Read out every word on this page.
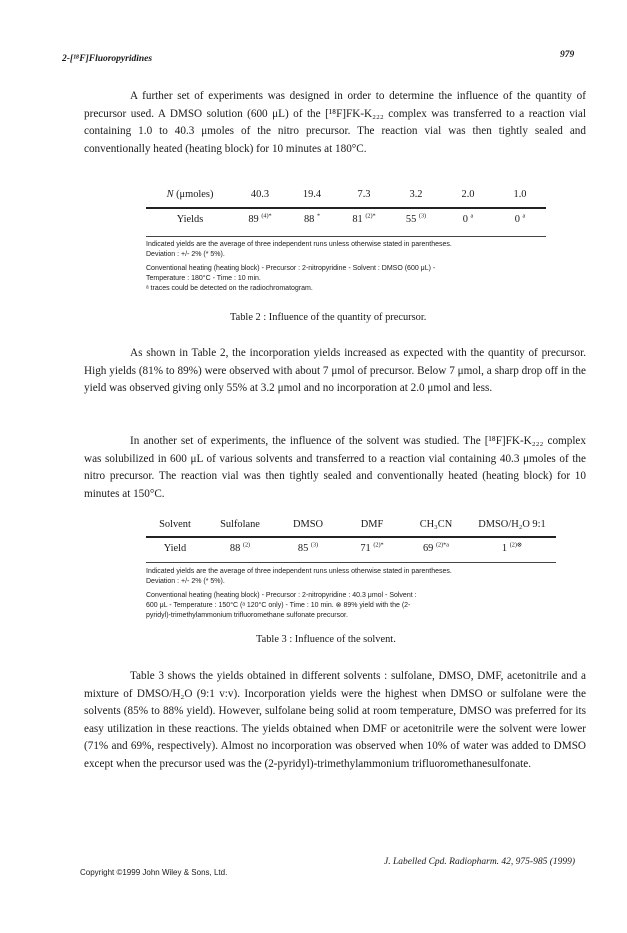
2-[¹⁸F]Fluoropyridines	979

A further set of experiments was designed in order to determine the influence of the quantity of precursor used. A DMSO solution (600 μL) of the [¹⁸F]FK-K₂₂₂ complex was transferred to a reaction vial containing 1.0 to 40.3 μmoles of the nitro precursor. The reaction vial was then tightly sealed and conventionally heated (heating block) for 10 minutes at 180°C.

N (μmoles)	40.3	19.4	7.3	3.2	2.0	1.0
Yields	89 $^{(4)*}$	88 *	81 $^{(2)*}$	55 $^{(3)}$	0 $^a$	0 $^a$

Indicated yields are the average of three independent runs unless otherwise stated in parentheses.
Deviation : +/- 2% (* 5%).

Conventional heating (heating block) - Precursor : 2-nitropyridine - Solvent : DMSO (600 μL) -
Temperature : 180°C - Time : 10 min.
ᵃ traces could be detected on the radiochromatogram.

Table 2 : Influence of the quantity of precursor.

As shown in Table 2, the incorporation yields increased as expected with the quantity of precursor. High yields (81% to 89%) were observed with about 7 μmol of precursor. Below 7 μmol, a sharp drop off in the yield was observed giving only 55% at 3.2 μmol and no incorporation at 2.0 μmol and less.

In another set of experiments, the influence of the solvent was studied. The [¹⁸F]FK-K₂₂₂ complex was solubilized in 600 μL of various solvents and transferred to a reaction vial containing 40.3 μmoles of the nitro precursor. The reaction vial was then tightly sealed and conventionally heated (heating block) for 10 minutes at 150°C.

Solvent	Sulfolane	DMSO	DMF	CH₃CN	DMSO/H₂O 9:1
Yield	88 $^{(2)}$	85 $^{(3)}$	71 $^{(2)*}$	69 $^{(2)*a}$	1 $^{(2)\otimes}$

Indicated yields are the average of three independent runs unless otherwise stated in parentheses.
Deviation : +/- 2% (* 5%).

Conventional heating (heating block) - Precursor : 2-nitropyridine : 40.3 μmol - Solvent :
600 μL - Temperature : 150°C (ᵃ 120°C only) - Time : 10 min. ⊗ 89% yield with the (2-
pyridyl)-trimethylammonium trifluoromethane sulfonate precursor.

Table 3 : Influence of the solvent.

Table 3 shows the yields obtained in different solvents : sulfolane, DMSO, DMF, acetonitrile and a mixture of DMSO/H₂O (9:1 v:v). Incorporation yields were the highest when DMSO or sulfolane were the solvents (85% to 88% yield). However, sulfolane being solid at room temperature, DMSO was preferred for its easy utilization in these reactions. The yields obtained when DMF or acetonitrile were the solvent were lower (71% and 69%, respectively). Almost no incorporation was observed when 10% of water was added to DMSO except when the precursor used was the (2-pyridyl)-trimethylammonium trifluoromethanesulfonate.

Copyright ©1999 John Wiley & Sons, Ltd.
J. Labelled Cpd. Radiopharm. 42, 975-985 (1999)
